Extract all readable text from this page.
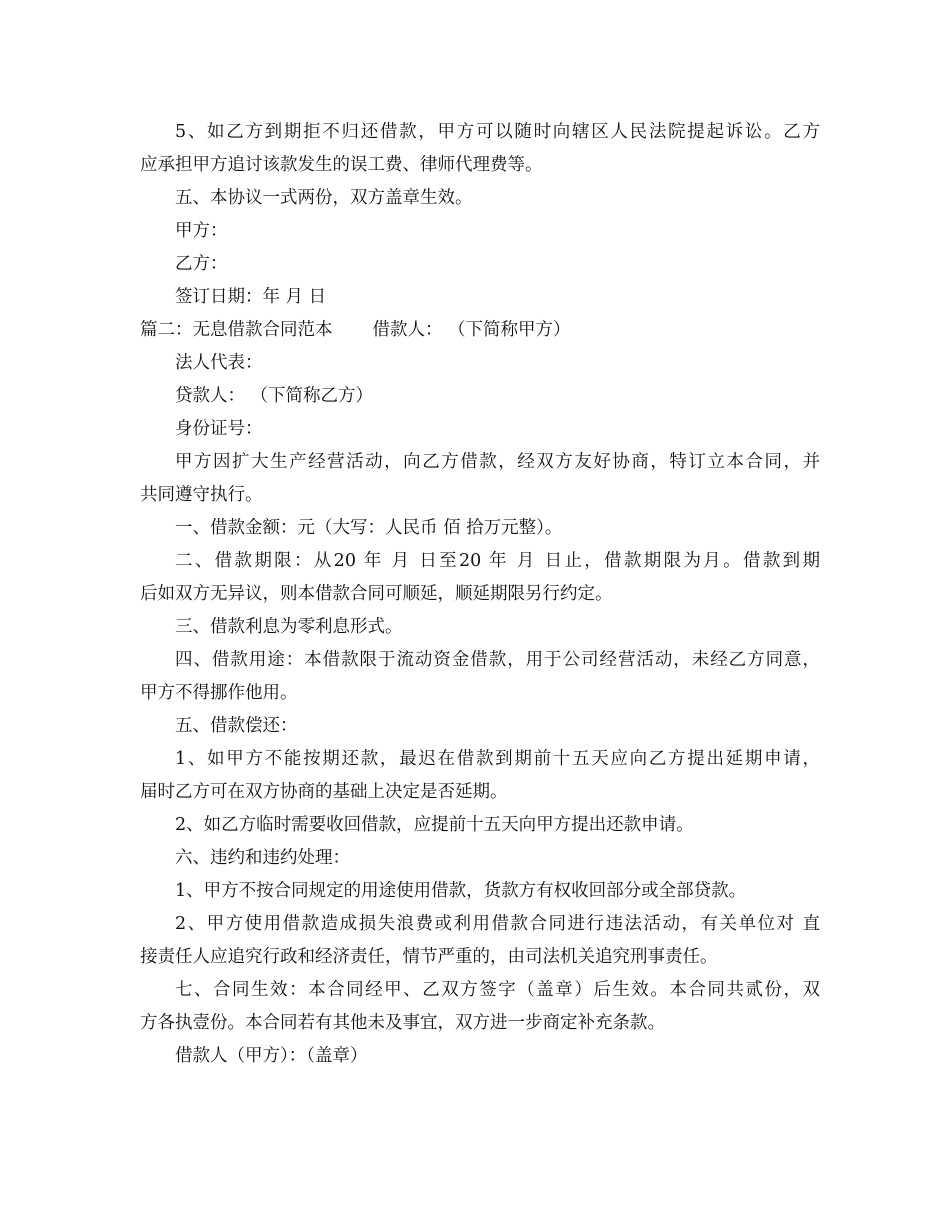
5、如乙方到期拒不归还借款，甲方可以随时向辖区人民法院提起诉讼。乙方
应承担甲方追讨该款发生的误工费、律师代理费等。
五、本协议一式两份，双方盖章生效。
甲方：
乙方：
签订日期：年 月 日
篇二：无息借款合同范本 借款人： （下简称甲方）
法人代表：
贷款人： （下简称乙方）
身份证号：
甲方因扩大生产经营活动，向乙方借款，经双方友好协商，特订立本合同，并
共同遵守执行。
一、借款金额：元（大写：人民币 佰 拾万元整）。
二、借款期限：从20 年 月 日至20 年 月 日止，借款期限为月。借款到期
后如双方无异议，则本借款合同可顺延，顺延期限另行约定。
三、借款利息为零利息形式。
四、借款用途：本借款限于流动资金借款，用于公司经营活动，未经乙方同意，
甲方不得挪作他用。
五、借款偿还：
1、如甲方不能按期还款，最迟在借款到期前十五天应向乙方提出延期申请，
届时乙方可在双方协商的基础上决定是否延期。
2、如乙方临时需要收回借款，应提前十五天向甲方提出还款申请。
六、违约和违约处理：
1、甲方不按合同规定的用途使用借款，货款方有权收回部分或全部贷款。
2、甲方使用借款造成损失浪费或利用借款合同进行违法活动，有关单位对 直
接责任人应追究行政和经济责任，情节严重的，由司法机关追究刑事责任。
七、合同生效：本合同经甲、乙双方签字（盖章）后生效。本合同共贰份，双
方各执壹份。本合同若有其他未及事宜，双方进一步商定补充条款。
借款人（甲方）：（盖章）
